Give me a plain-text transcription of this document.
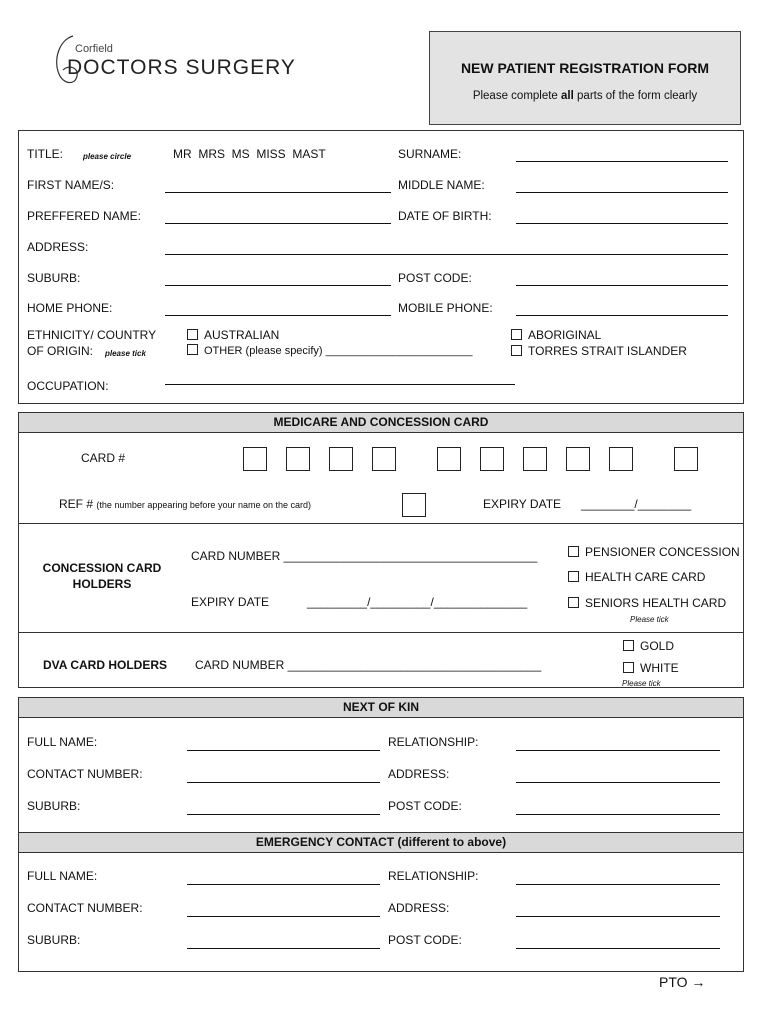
Corfield
DOCTORS SURGERY	NEW PATIENT REGISTRATION FORM
Please complete all parts of the form clearly
TITLE: please circle	MR  MRS  MS  MISS  MAST	SURNAME:
FIRST NAME/S:	MIDDLE NAME:
PREFFERED NAME:	DATE OF BIRTH:
ADDRESS:
SUBURB:	POST CODE:
HOME PHONE:	MOBILE PHONE:
ETHNICITY/ COUNTRY
OF ORIGIN: please tick
AUSTRALIAN
OTHER (please specify) ________________________
ABORIGINAL
TORRES STRAIT ISLANDER
OCCUPATION:
MEDICARE AND CONCESSION CARD
CARD #
REF # (the number appearing before your name on the card)	EXPIRY DATE ________/________
CONCESSION CARD
HOLDERS
CARD NUMBER ______________________________________
EXPIRY DATE	_________/_________/______________
PENSIONER CONCESSION
HEALTH CARE CARD
SENIORS HEALTH CARD
Please tick
DVA CARD HOLDERS CARD NUMBER ______________________________________
GOLD
WHITE
Please tick
NEXT OF KIN
FULL NAME:	RELATIONSHIP:
CONTACT NUMBER:	ADDRESS:
SUBURB:	POST CODE:
EMERGENCY CONTACT (different to above)
FULL NAME:	RELATIONSHIP:
CONTACT NUMBER:	ADDRESS:
SUBURB:	POST CODE:
PTO →
